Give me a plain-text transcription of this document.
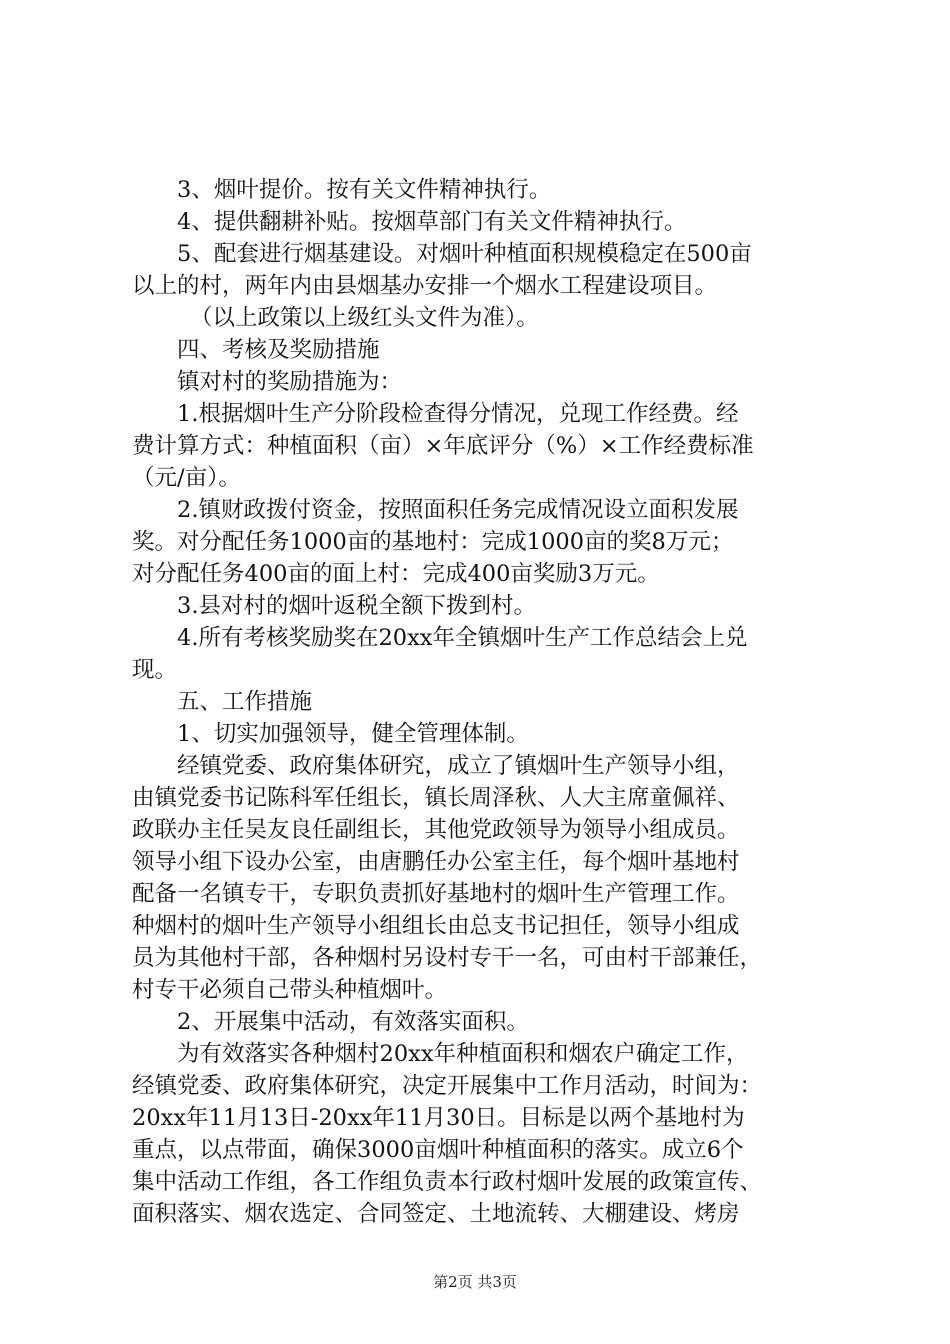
3、烟叶提价。按有关文件精神执行。
4、提供翻耕补贴。按烟草部门有关文件精神执行。
5、配套进行烟基建设。对烟叶种植面积规模稳定在500亩
以上的村，两年内由县烟基办安排一个烟水工程建设项目。
（以上政策以上级红头文件为准）。
四、考核及奖励措施
镇对村的奖励措施为：
1.根据烟叶生产分阶段检查得分情况，兑现工作经费。经
费计算方式：种植面积（亩）×年底评分（%）×工作经费标准
（元/亩）。
2.镇财政拨付资金，按照面积任务完成情况设立面积发展
奖。对分配任务1000亩的基地村：完成1000亩的奖8万元；
对分配任务400亩的面上村：完成400亩奖励3万元。
3.县对村的烟叶返税全额下拨到村。
4.所有考核奖励奖在20xx年全镇烟叶生产工作总结会上兑
现。
五、工作措施
1、切实加强领导，健全管理体制。
经镇党委、政府集体研究，成立了镇烟叶生产领导小组，
由镇党委书记陈科军任组长，镇长周泽秋、人大主席童佩祥、
政联办主任吴友良任副组长，其他党政领导为领导小组成员。
领导小组下设办公室，由唐鹏任办公室主任，每个烟叶基地村
配备一名镇专干，专职负责抓好基地村的烟叶生产管理工作。
种烟村的烟叶生产领导小组组长由总支书记担任，领导小组成
员为其他村干部，各种烟村另设村专干一名，可由村干部兼任，
村专干必须自己带头种植烟叶。
2、开展集中活动，有效落实面积。
为有效落实各种烟村20xx年种植面积和烟农户确定工作，
经镇党委、政府集体研究，决定开展集中工作月活动，时间为：
20xx年11月13日-20xx年11月30日。目标是以两个基地村为
重点，以点带面，确保3000亩烟叶种植面积的落实。成立6个
集中活动工作组，各工作组负责本行政村烟叶发展的政策宣传、
面积落实、烟农选定、合同签定、土地流转、大棚建设、烤房
第2页 共3页
